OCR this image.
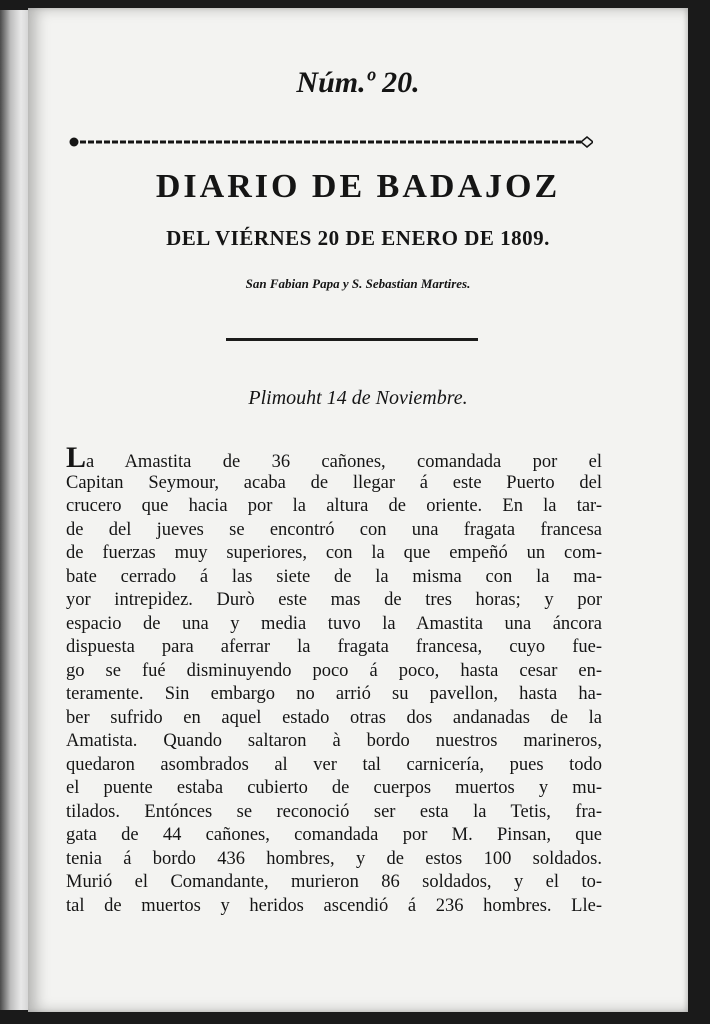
Núm.º 20.
DIARIO DE BADAJOZ
DEL VIÉRNES 20 DE ENERO DE 1809.
San Fabian Papa y S. Sebastian Martires.
Plimouht 14 de Noviembre.
La Amastita de 36 cañones, comandada por el
Capitan Seymour, acaba de llegar á este Puerto del
crucero que hacia por la altura de oriente. En la tar-
de del jueves se encontró con una fragata francesa
de fuerzas muy superiores, con la que empeñó un com-
bate cerrado á las siete de la misma con la ma-
yor intrepidez. Durò este mas de tres horas; y por
espacio de una y media tuvo la Amastita una áncora
dispuesta para aferrar la fragata francesa, cuyo fue-
go se fué disminuyendo poco á poco, hasta cesar en-
teramente. Sin embargo no arrió su pavellon, hasta ha-
ber sufrido en aquel estado otras dos andanadas de la
Amatista. Quando saltaron à bordo nuestros marineros,
quedaron asombrados al ver tal carnicería, pues todo
el puente estaba cubierto de cuerpos muertos y mu-
tilados. Entónces se reconoció ser esta la Tetis, fra-
gata de 44 cañones, comandada por M. Pinsan, que
tenia á bordo 436 hombres, y de estos 100 soldados.
Murió el Comandante, murieron 86 soldados, y el to-
tal de muertos y heridos ascendió á 236 hombres. Lle-
